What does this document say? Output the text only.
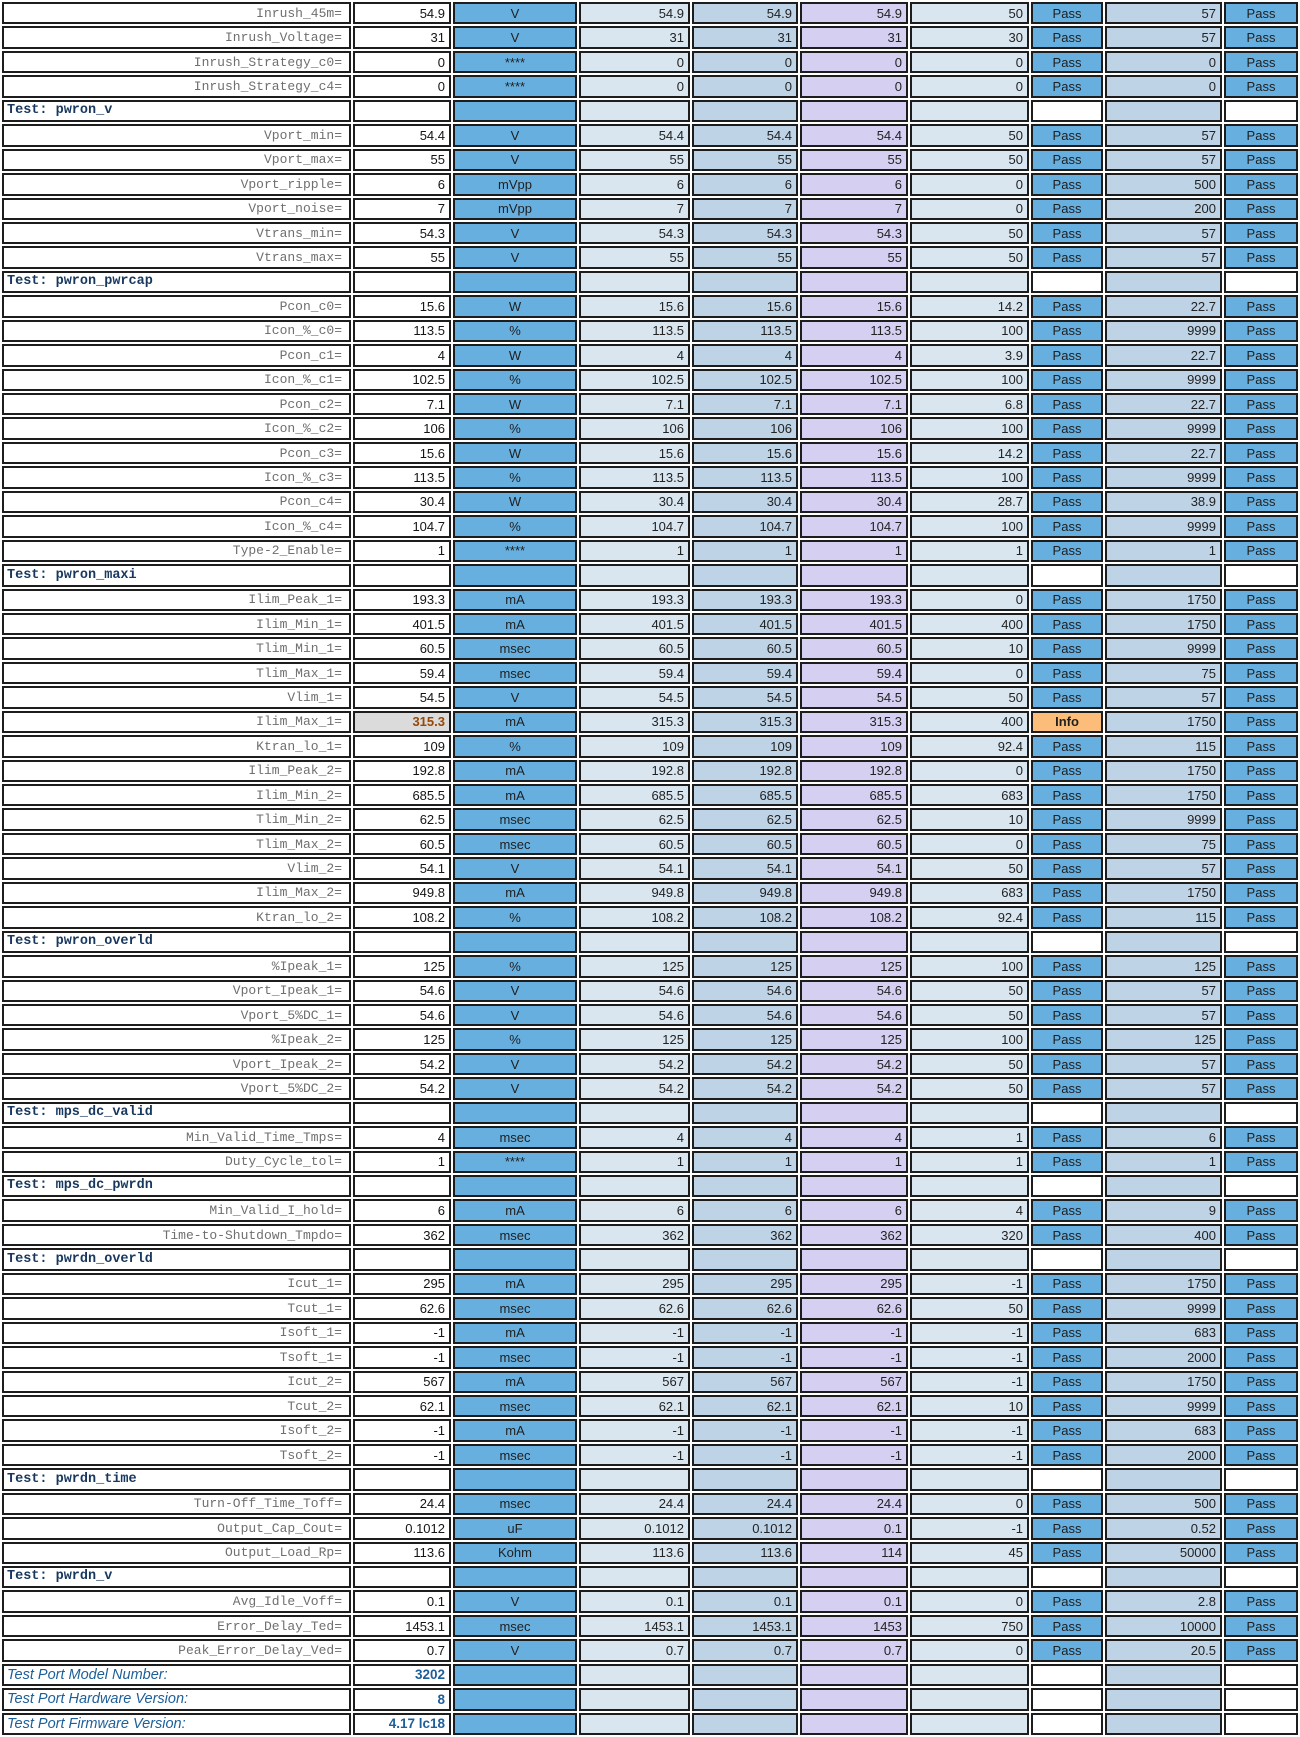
Inrush_45m=	54.9	V	54.9	54.9	54.9	50	Pass	57	Pass
Inrush_Voltage=	31	V	31	31	31	30	Pass	57	Pass
Inrush_Strategy_c0=	0	****	0	0	0	0	Pass	0	Pass
Inrush_Strategy_c4=	0	****	0	0	0	0	Pass	0	Pass
Test: pwron_v									
Vport_min=	54.4	V	54.4	54.4	54.4	50	Pass	57	Pass
Vport_max=	55	V	55	55	55	50	Pass	57	Pass
Vport_ripple=	6	mVpp	6	6	6	0	Pass	500	Pass
Vport_noise=	7	mVpp	7	7	7	0	Pass	200	Pass
Vtrans_min=	54.3	V	54.3	54.3	54.3	50	Pass	57	Pass
Vtrans_max=	55	V	55	55	55	50	Pass	57	Pass
Test: pwron_pwrcap									
Pcon_c0=	15.6	W	15.6	15.6	15.6	14.2	Pass	22.7	Pass
Icon_%_c0=	113.5	%	113.5	113.5	113.5	100	Pass	9999	Pass
Pcon_c1=	4	W	4	4	4	3.9	Pass	22.7	Pass
Icon_%_c1=	102.5	%	102.5	102.5	102.5	100	Pass	9999	Pass
Pcon_c2=	7.1	W	7.1	7.1	7.1	6.8	Pass	22.7	Pass
Icon_%_c2=	106	%	106	106	106	100	Pass	9999	Pass
Pcon_c3=	15.6	W	15.6	15.6	15.6	14.2	Pass	22.7	Pass
Icon_%_c3=	113.5	%	113.5	113.5	113.5	100	Pass	9999	Pass
Pcon_c4=	30.4	W	30.4	30.4	30.4	28.7	Pass	38.9	Pass
Icon_%_c4=	104.7	%	104.7	104.7	104.7	100	Pass	9999	Pass
Type-2_Enable=	1	****	1	1	1	1	Pass	1	Pass
Test: pwron_maxi									
Ilim_Peak_1=	193.3	mA	193.3	193.3	193.3	0	Pass	1750	Pass
Ilim_Min_1=	401.5	mA	401.5	401.5	401.5	400	Pass	1750	Pass
Tlim_Min_1=	60.5	msec	60.5	60.5	60.5	10	Pass	9999	Pass
Tlim_Max_1=	59.4	msec	59.4	59.4	59.4	0	Pass	75	Pass
Vlim_1=	54.5	V	54.5	54.5	54.5	50	Pass	57	Pass
Ilim_Max_1=	315.3	mA	315.3	315.3	315.3	400	Info	1750	Pass
Ktran_lo_1=	109	%	109	109	109	92.4	Pass	115	Pass
Ilim_Peak_2=	192.8	mA	192.8	192.8	192.8	0	Pass	1750	Pass
Ilim_Min_2=	685.5	mA	685.5	685.5	685.5	683	Pass	1750	Pass
Tlim_Min_2=	62.5	msec	62.5	62.5	62.5	10	Pass	9999	Pass
Tlim_Max_2=	60.5	msec	60.5	60.5	60.5	0	Pass	75	Pass
Vlim_2=	54.1	V	54.1	54.1	54.1	50	Pass	57	Pass
Ilim_Max_2=	949.8	mA	949.8	949.8	949.8	683	Pass	1750	Pass
Ktran_lo_2=	108.2	%	108.2	108.2	108.2	92.4	Pass	115	Pass
Test: pwron_overld									
%Ipeak_1=	125	%	125	125	125	100	Pass	125	Pass
Vport_Ipeak_1=	54.6	V	54.6	54.6	54.6	50	Pass	57	Pass
Vport_5%DC_1=	54.6	V	54.6	54.6	54.6	50	Pass	57	Pass
%Ipeak_2=	125	%	125	125	125	100	Pass	125	Pass
Vport_Ipeak_2=	54.2	V	54.2	54.2	54.2	50	Pass	57	Pass
Vport_5%DC_2=	54.2	V	54.2	54.2	54.2	50	Pass	57	Pass
Test: mps_dc_valid									
Min_Valid_Time_Tmps=	4	msec	4	4	4	1	Pass	6	Pass
Duty_Cycle_tol=	1	****	1	1	1	1	Pass	1	Pass
Test: mps_dc_pwrdn									
Min_Valid_I_hold=	6	mA	6	6	6	4	Pass	9	Pass
Time-to-Shutdown_Tmpdo=	362	msec	362	362	362	320	Pass	400	Pass
Test: pwrdn_overld									
Icut_1=	295	mA	295	295	295	-1	Pass	1750	Pass
Tcut_1=	62.6	msec	62.6	62.6	62.6	50	Pass	9999	Pass
Isoft_1=	-1	mA	-1	-1	-1	-1	Pass	683	Pass
Tsoft_1=	-1	msec	-1	-1	-1	-1	Pass	2000	Pass
Icut_2=	567	mA	567	567	567	-1	Pass	1750	Pass
Tcut_2=	62.1	msec	62.1	62.1	62.1	10	Pass	9999	Pass
Isoft_2=	-1	mA	-1	-1	-1	-1	Pass	683	Pass
Tsoft_2=	-1	msec	-1	-1	-1	-1	Pass	2000	Pass
Test: pwrdn_time									
Turn-Off_Time_Toff=	24.4	msec	24.4	24.4	24.4	0	Pass	500	Pass
Output_Cap_Cout=	0.1012	uF	0.1012	0.1012	0.1	-1	Pass	0.52	Pass
Output_Load_Rp=	113.6	Kohm	113.6	113.6	114	45	Pass	50000	Pass
Test: pwrdn_v									
Avg_Idle_Voff=	0.1	V	0.1	0.1	0.1	0	Pass	2.8	Pass
Error_Delay_Ted=	1453.1	msec	1453.1	1453.1	1453	750	Pass	10000	Pass
Peak_Error_Delay_Ved=	0.7	V	0.7	0.7	0.7	0	Pass	20.5	Pass
Test Port Model Number:	3202								
Test Port Hardware Version:	8								
Test Port Firmware Version:	4.17 lc18								
